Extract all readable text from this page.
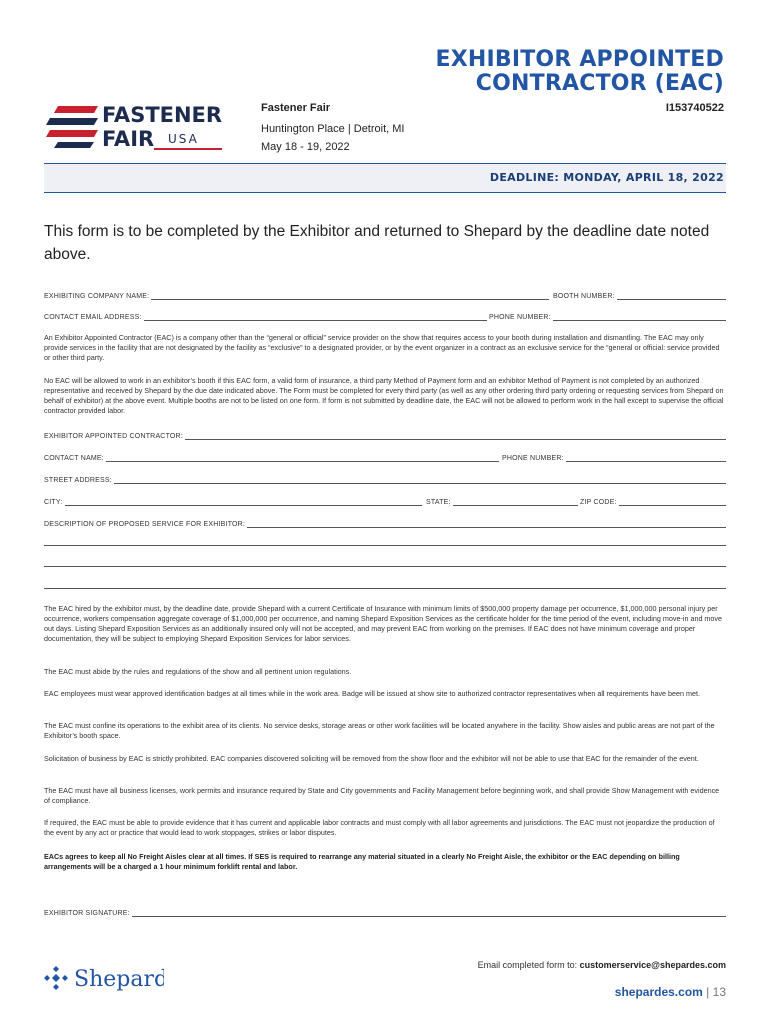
EXHIBITOR APPOINTED
CONTRACTOR (EAC)
FASTENER
FAIR USA
Fastener Fair
Huntington Place | Detroit, MI
May 18 - 19, 2022
I153740522
DEADLINE: MONDAY, APRIL 18, 2022
This form is to be completed by the Exhibitor and returned to Shepard by the deadline date noted above.
EXHIBITING COMPANY NAME:	BOOTH NUMBER:
CONTACT EMAIL ADDRESS:	PHONE NUMBER:

An Exhibitor Appointed Contractor (EAC) is a company other than the “general or official” service provider on the show that requires access to your booth during installation and dismantling. The EAC may only provide services in the facility that are not designated by the facility as “exclusive” to a designated provider, or by the event organizer in a contract as an exclusive service for the “general or official: service provided or other third party.

No EAC will be allowed to work in an exhibitor’s booth if this EAC form, a valid form of insurance, a third party Method of Payment form and an exhibitor Method of Payment is not completed by an authorized representative and received by Shepard by the due date indicated above. The Form must be completed for every third party (as well as any other ordering third party ordering or requesting services from Shepard on behalf of exhibitor) at the above event. Multiple booths are not to be listed on one form. If form is not submitted by deadline date, the EAC will not be allowed to perform work in the hall except to supervise the official contractor provided labor.

EXHIBITOR APPOINTED CONTRACTOR:
CONTACT NAME:	PHONE NUMBER:
STREET ADDRESS:
CITY:	STATE:	ZIP CODE:
DESCRIPTION OF PROPOSED SERVICE FOR EXHIBITOR:

The EAC hired by the exhibitor must, by the deadline date, provide Shepard with a current Certificate of Insurance with minimum limits of $500,000 property damage per occurrence, $1,000,000 personal injury per occurrence, workers compensation aggregate coverage of $1,000,000 per occurrence, and naming Shepard Exposition Services as the certificate holder for the time period of the event, including move-in and move out days. Listing Shepard Exposition Services as an additionally insured only will not be accepted, and may prevent EAC from working on the premises. If EAC does not have minimum coverage and proper documentation, they will be subject to employing Shepard Exposition Services for labor services.

The EAC must abide by the rules and regulations of the show and all pertinent union regulations.

EAC employees must wear approved identification badges at all times while in the work area. Badge will be issued at show site to authorized contractor representatives when all requirements have been met.

The EAC must confine its operations to the exhibit area of its clients. No service desks, storage areas or other work facilities will be located anywhere in the facility. Show aisles and public areas are not part of the Exhibitor’s booth space.

Solicitation of business by EAC is strictly prohibited. EAC companies discovered soliciting will be removed from the show floor and the exhibitor will not be able to use that EAC for the remainder of the event.

The EAC must have all business licenses, work permits and insurance required by State and City governments and Facility Management before beginning work, and shall provide Show Management with evidence of compliance.

If required, the EAC must be able to provide evidence that it has current and applicable labor contracts and must comply with all labor agreements and jurisdictions. The EAC must not jeopardize the production of the event by any act or practice that would lead to work stoppages, strikes or labor disputes.

EACs agrees to keep all No Freight Aisles clear at all times. If SES is required to rearrange any material situated in a clearly No Freight Aisle, the exhibitor or the EAC depending on billing arrangements will be a charged a 1 hour minimum forklift rental and labor.

EXHIBITOR SIGNATURE:
Shepard
Email completed form to: customerservice@shepardes.com
shepardes.com | 13
